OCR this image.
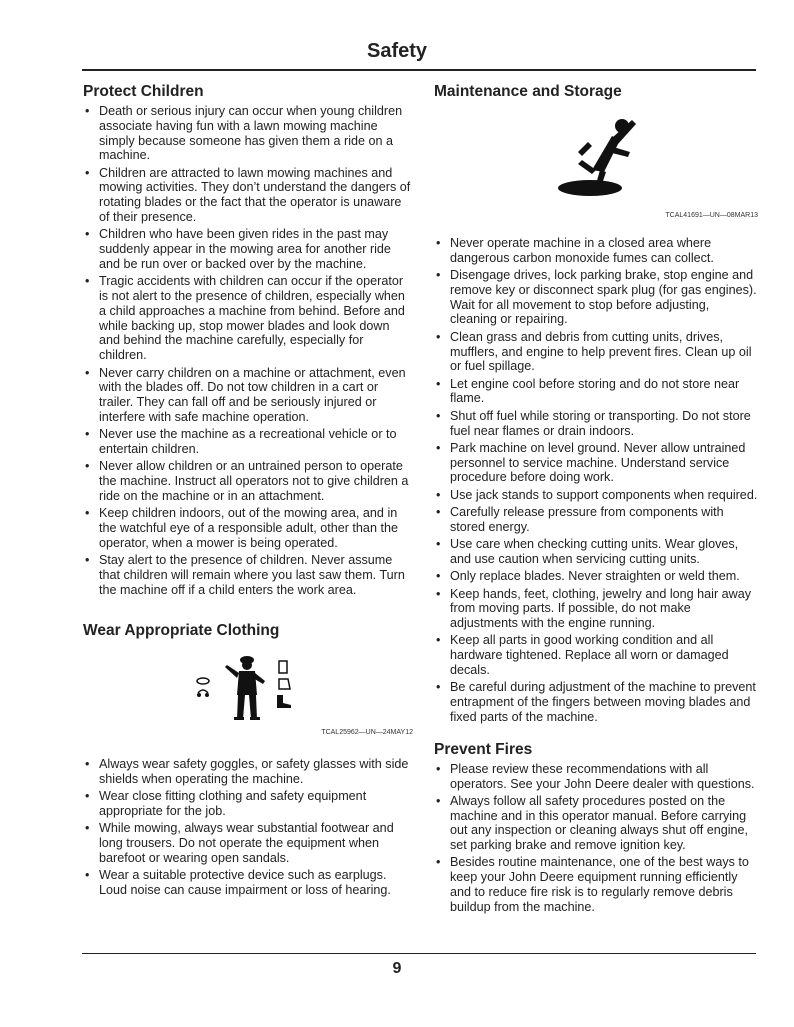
Safety
Protect Children
• Death or serious injury can occur when young children associate having fun with a lawn mowing machine simply because someone has given them a ride on a machine.
• Children are attracted to lawn mowing machines and mowing activities. They don’t understand the dangers of rotating blades or the fact that the operator is unaware of their presence.
• Children who have been given rides in the past may suddenly appear in the mowing area for another ride and be run over or backed over by the machine.
• Tragic accidents with children can occur if the operator is not alert to the presence of children, especially when a child approaches a machine from behind. Before and while backing up, stop mower blades and look down and behind the machine carefully, especially for children.
• Never carry children on a machine or attachment, even with the blades off. Do not tow children in a cart or trailer. They can fall off and be seriously injured or interfere with safe machine operation.
• Never use the machine as a recreational vehicle or to entertain children.
• Never allow children or an untrained person to operate the machine. Instruct all operators not to give children a ride on the machine or in an attachment.
• Keep children indoors, out of the mowing area, and in the watchful eye of a responsible adult, other than the operator, when a mower is being operated.
• Stay alert to the presence of children. Never assume that children will remain where you last saw them. Turn the machine off if a child enters the work area.
Wear Appropriate Clothing
TCAL25962—UN—24MAY12
• Always wear safety goggles, or safety glasses with side shields when operating the machine.
• Wear close fitting clothing and safety equipment appropriate for the job.
• While mowing, always wear substantial footwear and long trousers. Do not operate the equipment when barefoot or wearing open sandals.
• Wear a suitable protective device such as earplugs. Loud noise can cause impairment or loss of hearing.
Maintenance and Storage
TCAL41691—UN—08MAR13
• Never operate machine in a closed area where dangerous carbon monoxide fumes can collect.
• Disengage drives, lock parking brake, stop engine and remove key or disconnect spark plug (for gas engines). Wait for all movement to stop before adjusting, cleaning or repairing.
• Clean grass and debris from cutting units, drives, mufflers, and engine to help prevent fires. Clean up oil or fuel spillage.
• Let engine cool before storing and do not store near flame.
• Shut off fuel while storing or transporting. Do not store fuel near flames or drain indoors.
• Park machine on level ground. Never allow untrained personnel to service machine. Understand service procedure before doing work.
• Use jack stands to support components when required.
• Carefully release pressure from components with stored energy.
• Use care when checking cutting units. Wear gloves, and use caution when servicing cutting units.
• Only replace blades. Never straighten or weld them.
• Keep hands, feet, clothing, jewelry and long hair away from moving parts. If possible, do not make adjustments with the engine running.
• Keep all parts in good working condition and all hardware tightened. Replace all worn or damaged decals.
• Be careful during adjustment of the machine to prevent entrapment of the fingers between moving blades and fixed parts of the machine.
Prevent Fires
• Please review these recommendations with all operators. See your John Deere dealer with questions.
• Always follow all safety procedures posted on the machine and in this operator manual. Before carrying out any inspection or cleaning always shut off engine, set parking brake and remove ignition key.
• Besides routine maintenance, one of the best ways to keep your John Deere equipment running efficiently and to reduce fire risk is to regularly remove debris buildup from the machine.
9
